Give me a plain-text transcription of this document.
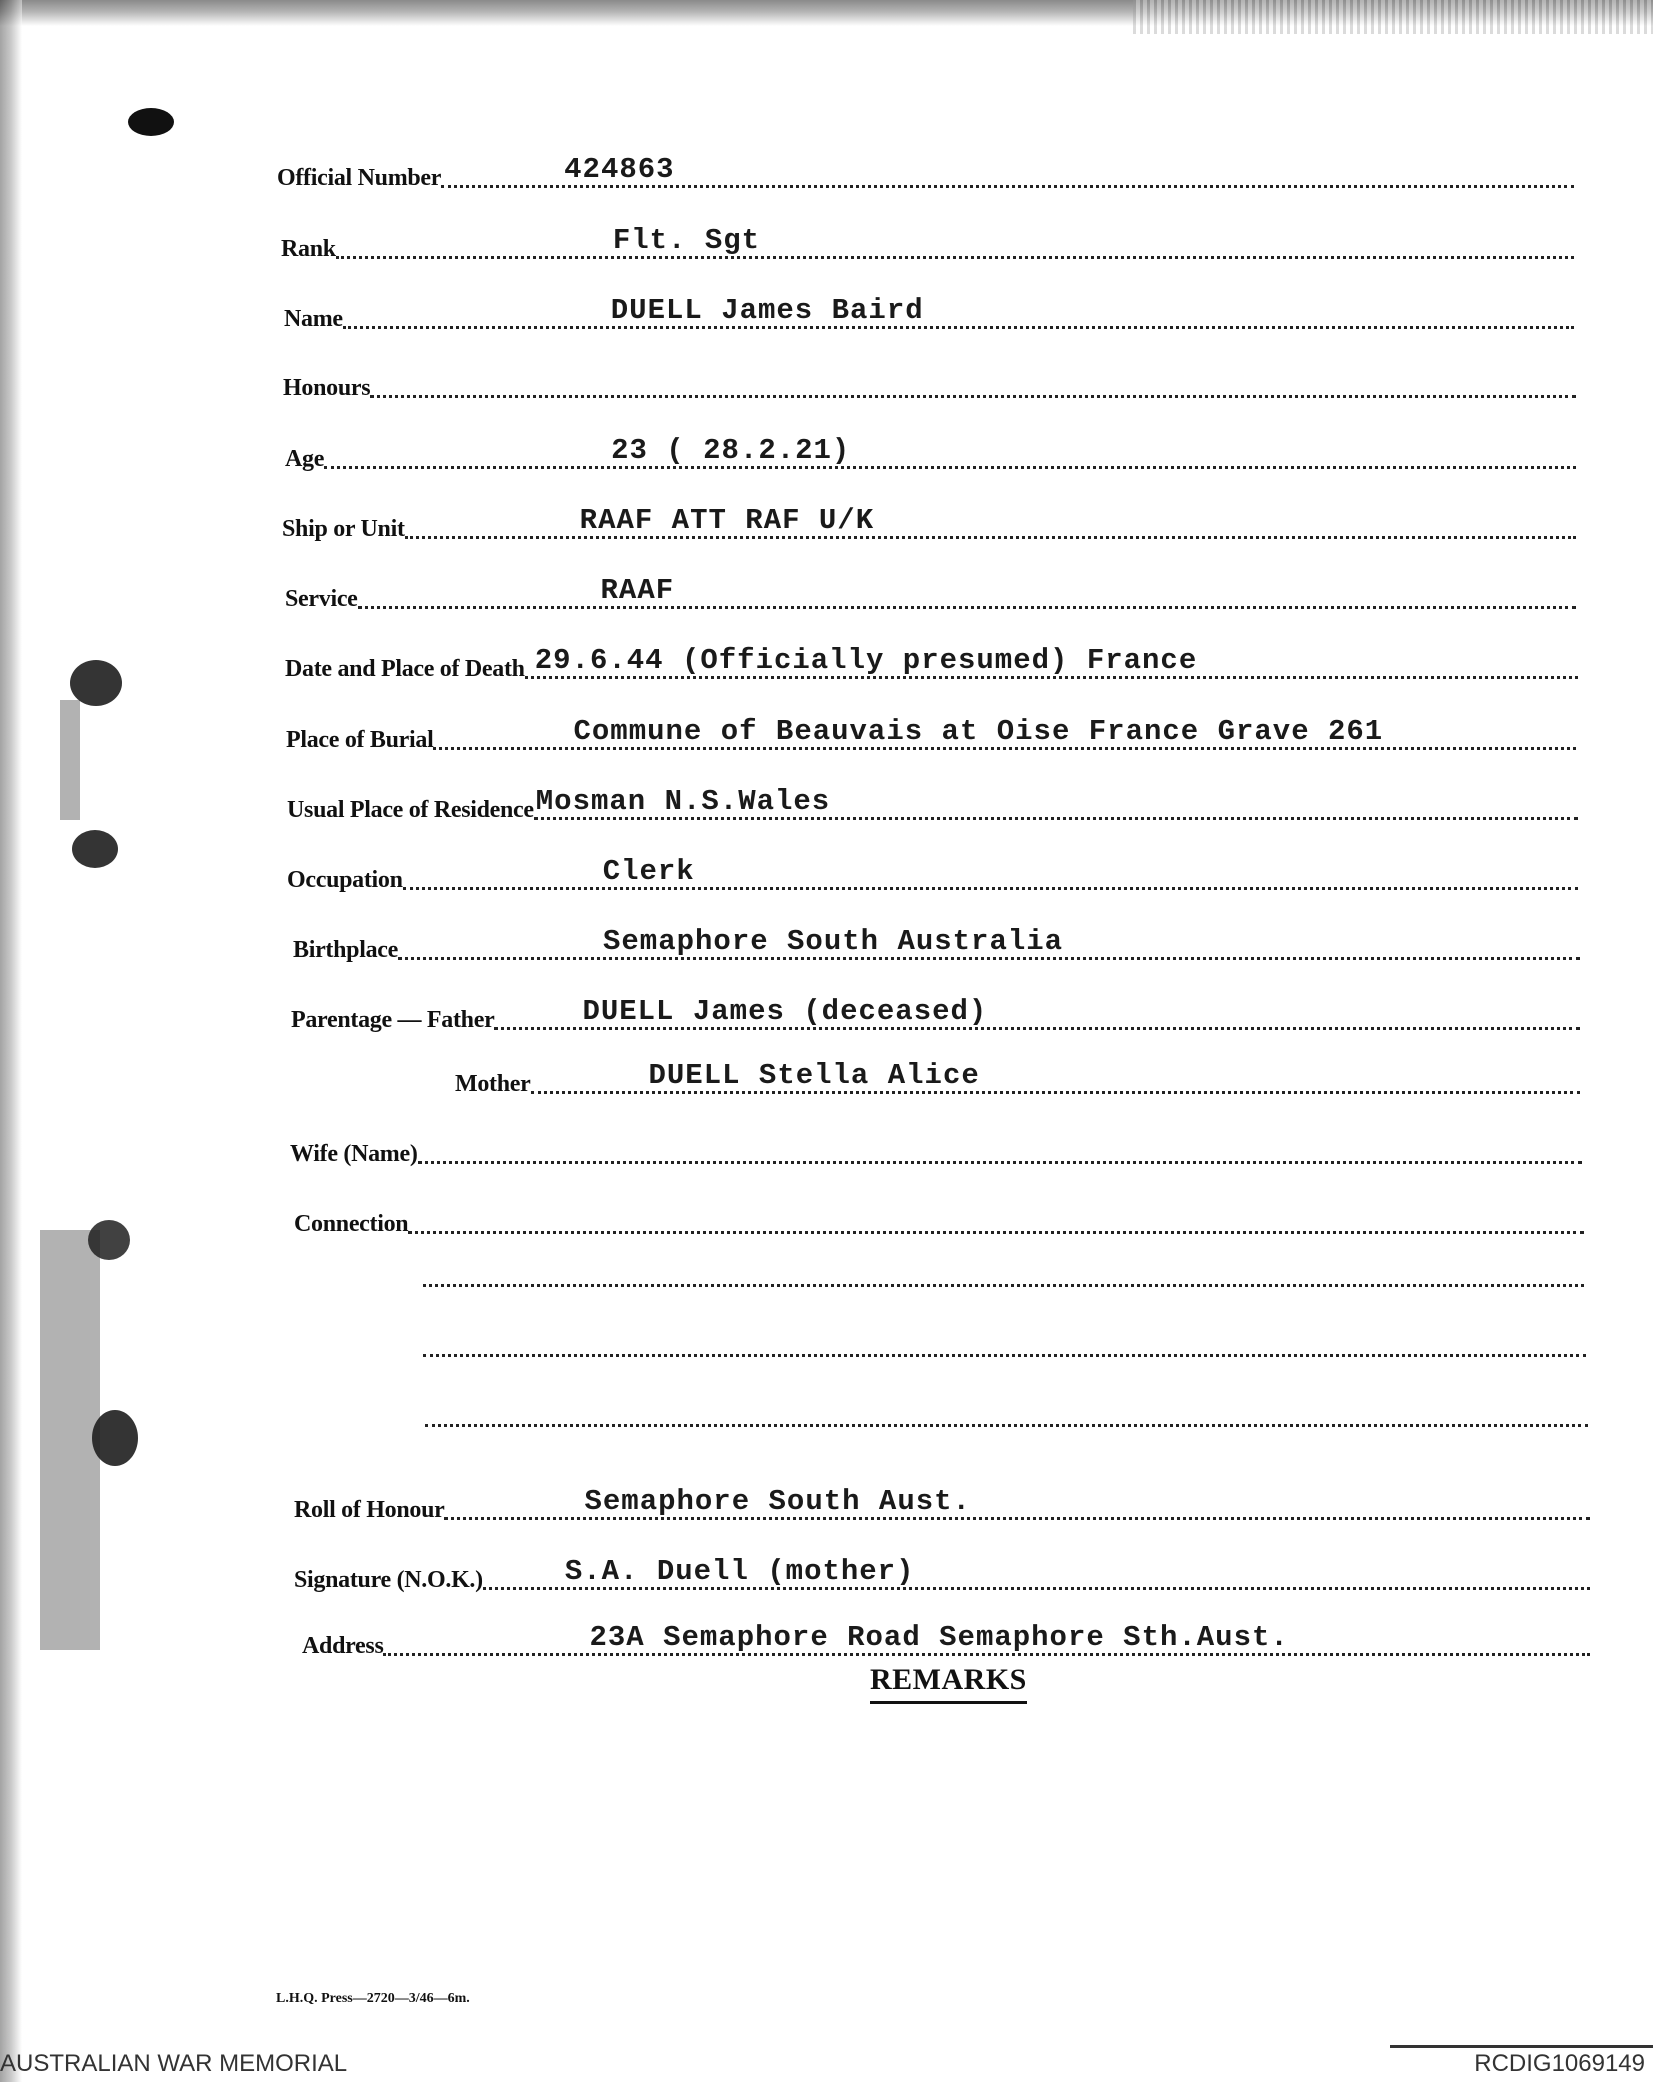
Official Number	424863
Rank	Flt. Sgt
Name	DUELL James Baird
Honours
Age	23 ( 28.2.21)
Ship or Unit	RAAF ATT RAF U/K
Service	RAAF
Date and Place of Death 29.6.44 (Officially presumed) France
Place of Burial	Commune of Beauvais at Oise France Grave 261
Usual Place of Residence Mosman N.S.Wales
Occupation	Clerk
Birthplace	Semaphore South Australia
Parentage — Father	DUELL James (deceased)
Mother	DUELL Stella Alice
Wife (Name)
Connection
Roll of Honour	Semaphore South Aust.
Signature (N.O.K.)	S.A. Duell (mother)
Address	23A Semaphore Road Semaphore Sth.Aust.
REMARKS
L.H.Q. Press—2720—3/46—6m.
AUSTRALIAN WAR MEMORIAL	RCDIG1069149
